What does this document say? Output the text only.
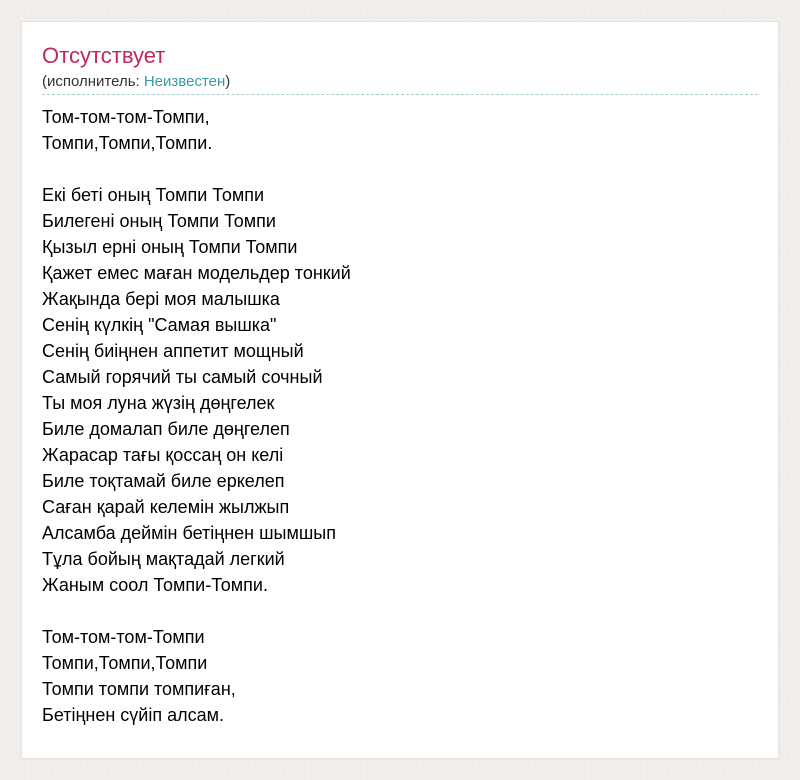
Отсутствует
(исполнитель: Неизвестен)
Том-том-том-Томпи,
Томпи,Томпи,Томпи.
Екі беті оның Томпи Томпи
Билегені оның Томпи Томпи
Қызыл ерні оның Томпи Томпи
Қажет емес маған модельдер тонкий
Жақында бері моя малышка
Сенің күлкің "Самая вышка"
Сенің биіңнен аппетит мощный
Самый горячий ты самый сочный
Ты моя луна жүзің дөңгелек
Биле домалап биле дөңгелеп
Жарасар тағы қоссаң он келі
Биле тоқтамай биле еркелеп
Саған қарай келемін жылжып
Алсамба деймін бетіңнен шымшып
Тұла бойың мақтадай легкий
Жаным соол Томпи-Томпи.
Том-том-том-Томпи
Томпи,Томпи,Томпи
Томпи томпи томпиған,
Бетіңнен сүйіп алсам.
